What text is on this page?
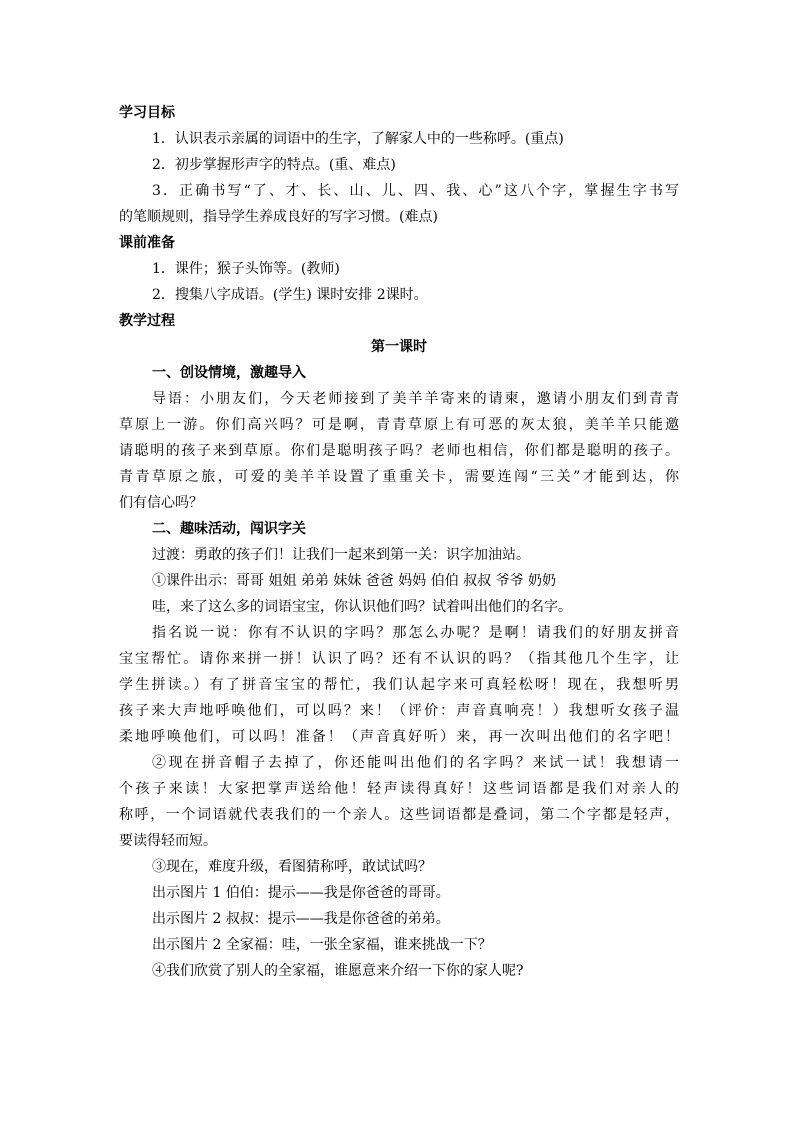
学习目标
1．认识表示亲属的词语中的生字，了解家人中的一些称呼。(重点)
2．初步掌握形声字的特点。(重、难点)
3．正确书写“了、才、长、山、儿、四、我、心”这八个字，掌握生字书写
的笔顺规则，指导学生养成良好的写字习惯。(难点)
课前准备
1．课件；猴子头饰等。(教师)
2．搜集八字成语。(学生) 课时安排 2课时。
教学过程
第一课时
一、创设情境，激趣导入
导语：小朋友们，今天老师接到了美羊羊寄来的请柬，邀请小朋友们到青青
草原上一游。你们高兴吗？可是啊，青青草原上有可恶的灰太狼，美羊羊只能邀
请聪明的孩子来到草原。你们是聪明孩子吗？老师也相信，你们都是聪明的孩子。
青青草原之旅，可爱的美羊羊设置了重重关卡，需要连闯“三关”才能到达，你
们有信心吗？
二、趣味活动，闯识字关
过渡：勇敢的孩子们！让我们一起来到第一关：识字加油站。
①课件出示：哥哥 姐姐 弟弟 妹妹 爸爸 妈妈 伯伯 叔叔 爷爷 奶奶
哇，来了这么多的词语宝宝，你认识他们吗？试着叫出他们的名字。
指名说一说：你有不认识的字吗？那怎么办呢？是啊！请我们的好朋友拼音
宝宝帮忙。请你来拼一拼！认识了吗？还有不认识的吗？（指其他几个生字，让
学生拼读。）有了拼音宝宝的帮忙，我们认起字来可真轻松呀！现在，我想听男
孩子来大声地呼唤他们，可以吗？来！（评价：声音真响亮！）我想听女孩子温
柔地呼唤他们，可以吗！准备！（声音真好听）来，再一次叫出他们的名字吧！
②现在拼音帽子去掉了，你还能叫出他们的名字吗？来试一试！我想请一
个孩子来读！大家把掌声送给他！轻声读得真好！这些词语都是我们对亲人的
称呼，一个词语就代表我们的一个亲人。这些词语都是叠词，第二个字都是轻声，
要读得轻而短。
③现在，难度升级，看图猜称呼，敢试试吗？
出示图片 1 伯伯：提示——我是你爸爸的哥哥。
出示图片 2 叔叔：提示——我是你爸爸的弟弟。
出示图片 2 全家福：哇，一张全家福，谁来挑战一下？
④我们欣赏了别人的全家福，谁愿意来介绍一下你的家人呢?
